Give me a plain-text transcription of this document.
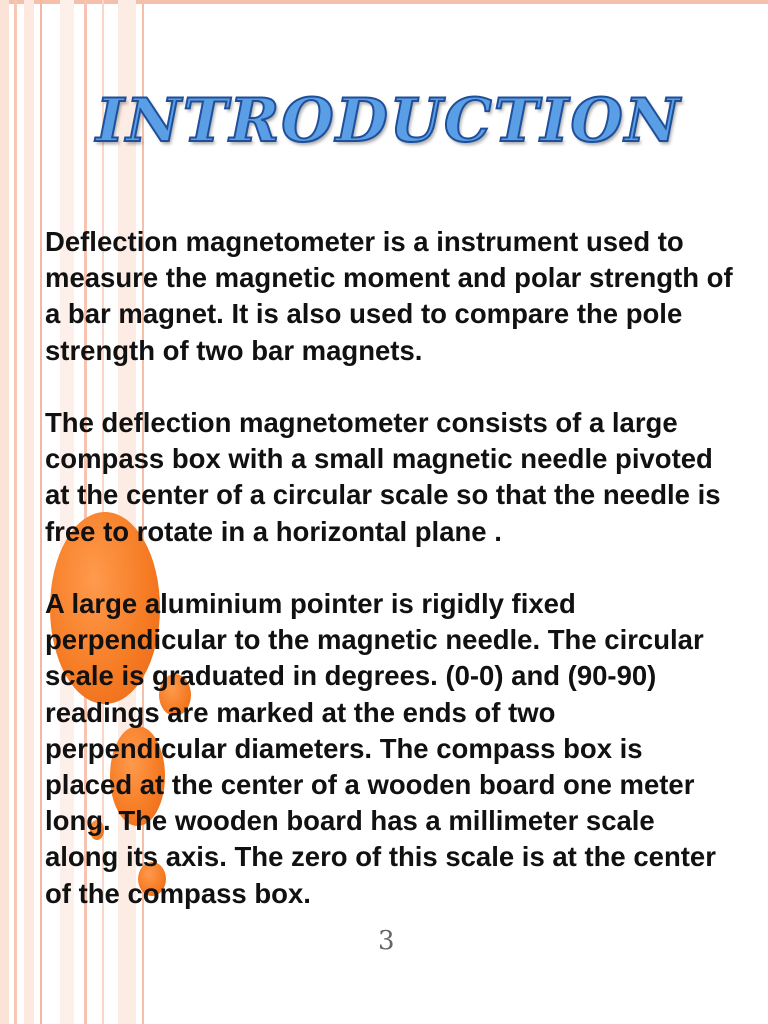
INTRODUCTION

Deflection magnetometer is a instrument used to measure the magnetic moment and polar strength of a bar magnet. It is also used to compare the pole strength of two bar magnets.

The deflection magnetometer consists of a large compass box with a small magnetic needle pivoted at the center of a circular scale so that the needle is free to rotate in a horizontal plane .

A large aluminium pointer is rigidly fixed perpendicular to the magnetic needle. The circular scale is graduated in degrees. (0-0) and (90-90) readings are marked at the ends of two perpendicular diameters. The compass box is placed at the center of a wooden board one meter long. The wooden board has a millimeter scale along its axis. The zero of this scale is at the center of the compass box.

3
